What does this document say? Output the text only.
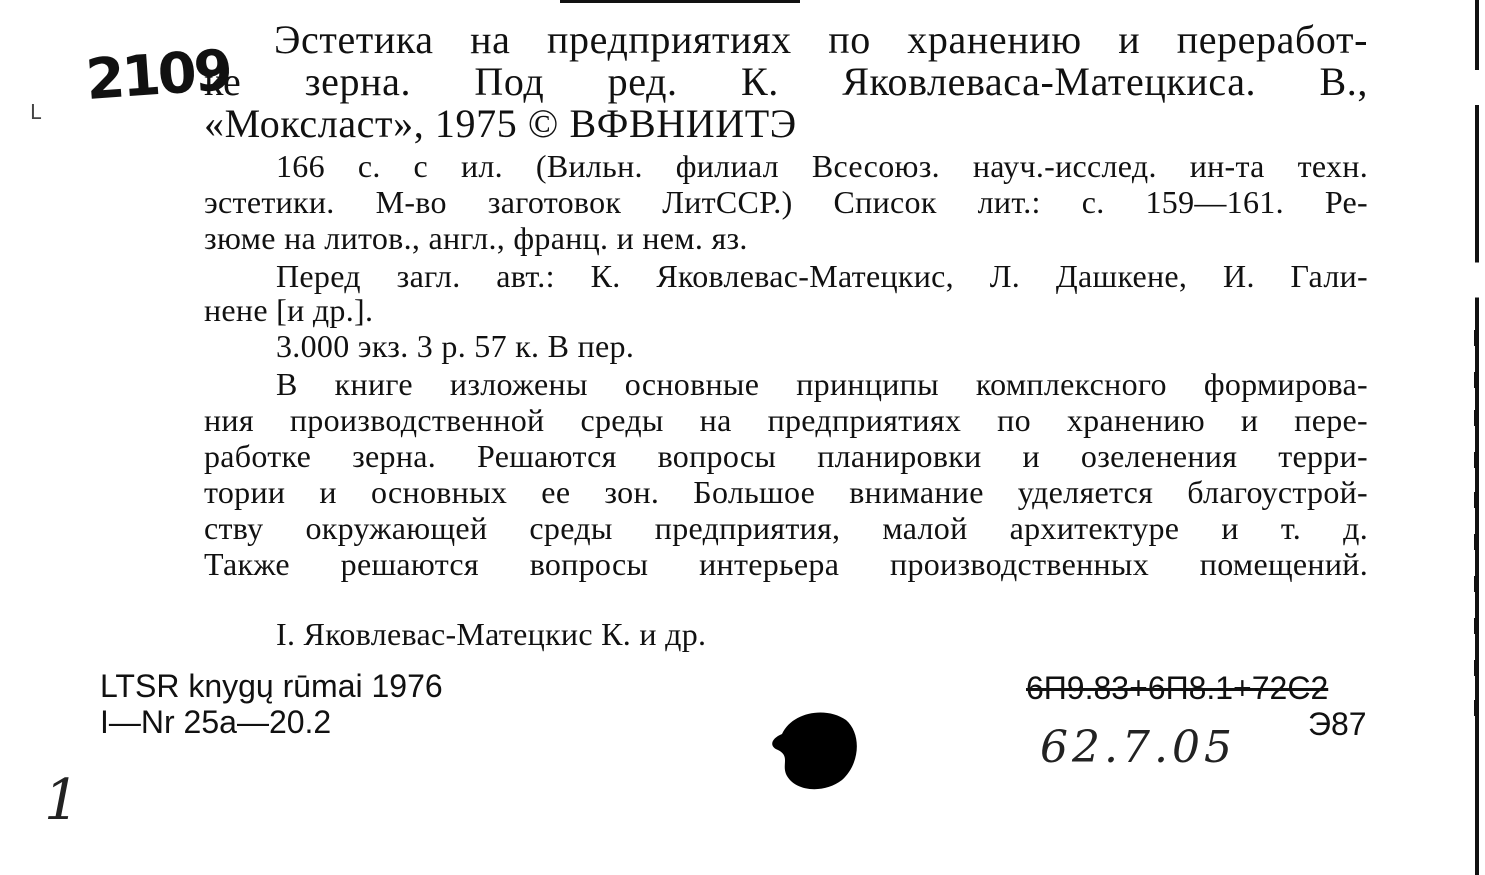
2109
L
Эстетика на предприятиях по хранению и переработ-
ке зерна. Под ред. К. Яковлеваса-Матецкиса. В.,
«Моксласт», 1975 © ВФВНИИТЭ
166 с. с ил. (Вильн. филиал Всесоюз. науч.-исслед. ин-та техн.
эстетики. М-во заготовок ЛитССР.) Список лит.: с. 159—161. Ре-
зюме на литов., англ., франц. и нем. яз.
Перед загл. авт.: К. Яковлевас-Матецкис, Л. Дашкене, И. Гали-
нене [и др.].
3.000 экз. 3 р. 57 к. В пер.
В книге изложены основные принципы комплексного формирова-
ния производственной среды на предприятиях по хранению и пере-
работке зерна. Решаются вопросы планировки и озеленения терри-
тории и основных ее зон. Большое внимание уделяется благоустрой-
ству окружающей среды предприятия, малой архитектуре и т. д.
Также решаются вопросы интерьера производственных помещений.
I. Яковлевас-Матецкис К. и др.
LTSR knygų rūmai 1976
I—Nr 25a—20.2
6П9.83+6П8.1+72С2
Э87
62.7.05
1
